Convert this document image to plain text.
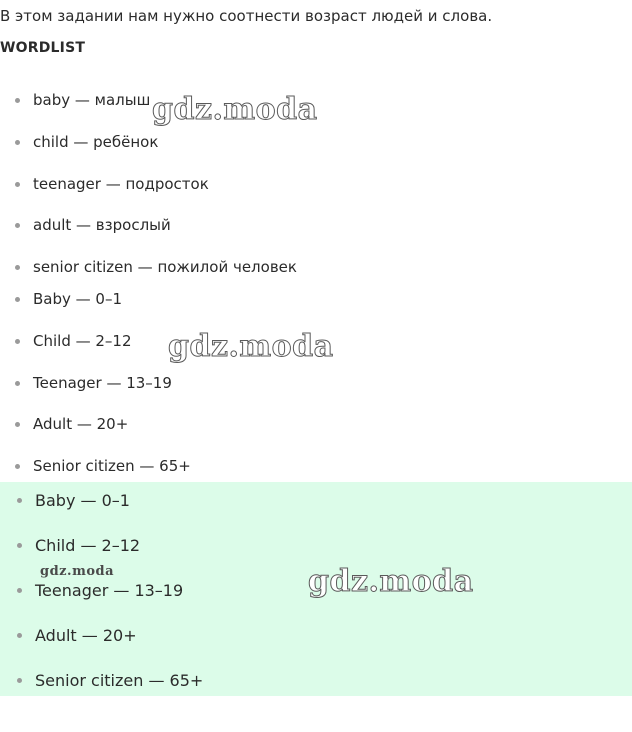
В этом задании нам нужно соотнести возраст людей и слова.
WORDLIST
baby — малыш
child — ребёнок
teenager — подросток
adult — взрослый
senior citizen — пожилой человек
Baby — 0–1
Child — 2–12
Teenager — 13–19
Adult — 20+
Senior citizen — 65+
Baby — 0–1
Child — 2–12
Teenager — 13–19
Adult — 20+
Senior citizen — 65+
gdz.moda
gdz.moda
gdz.moda
gdz.moda
